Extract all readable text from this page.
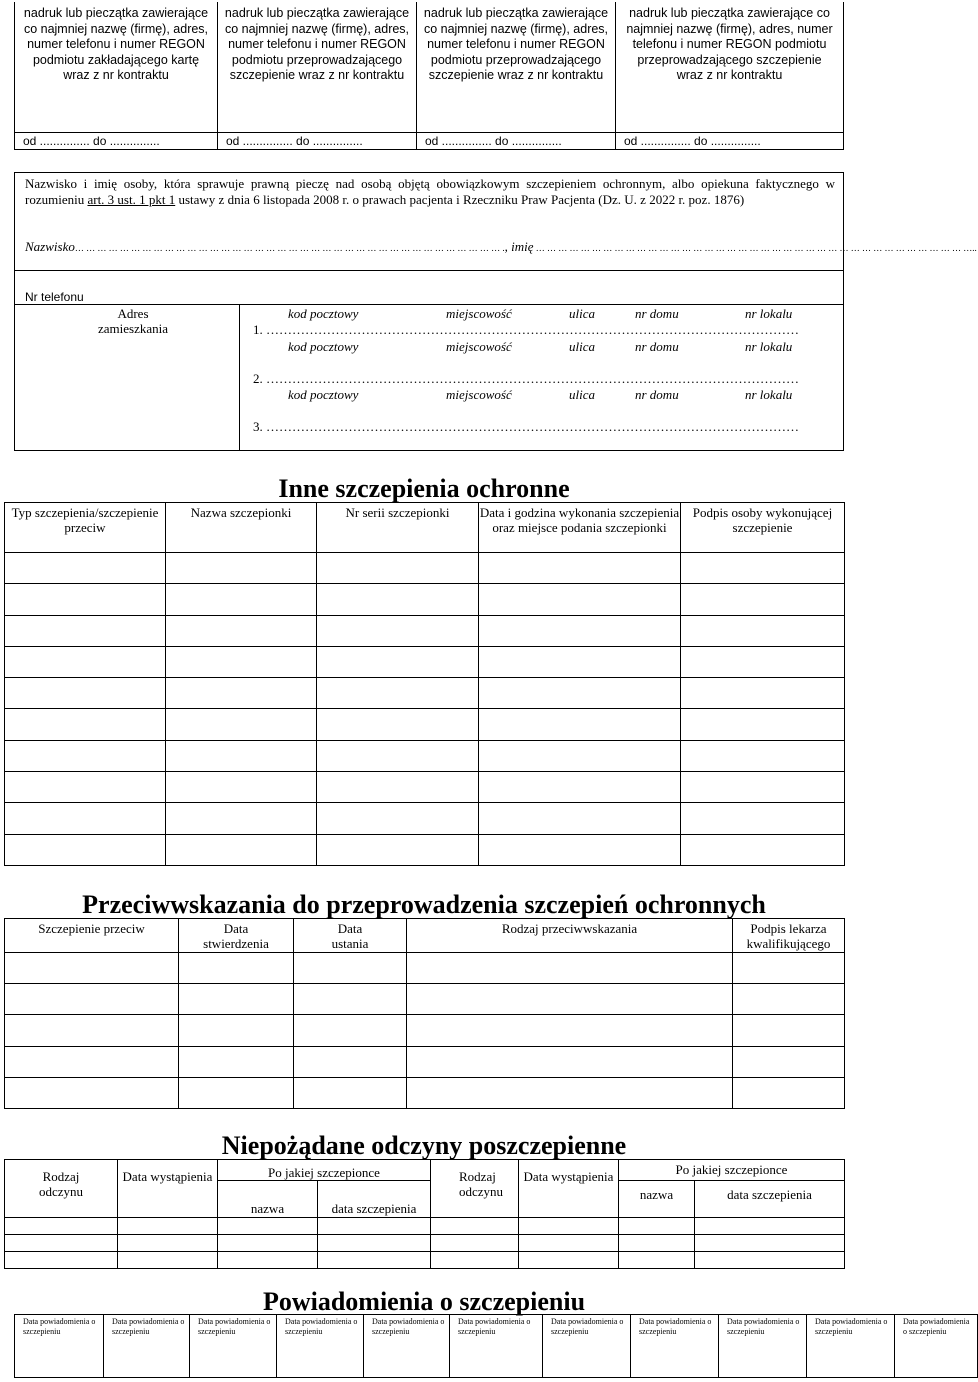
nadruk lub pieczątka zawierające co najmniej nazwę (firmę), adres, numer telefonu i numer REGON podmiotu zakładającego kartę wraz z nr kontraktu	nadruk lub pieczątka zawierające co najmniej nazwę (firmę), adres, numer telefonu i numer REGON podmiotu przeprowadzającego szczepienie wraz z nr kontraktu	nadruk lub pieczątka zawierające co najmniej nazwę (firmę), adres, numer telefonu i numer REGON podmiotu przeprowadzającego szczepienie wraz z nr kontraktu	nadruk lub pieczątka zawierające co najmniej nazwę (firmę), adres, numer telefonu i numer REGON podmiotu przeprowadzającego szczepienie wraz z nr kontraktu

od ............... do ...............	od ............... do ...............	od ............... do ...............	od ............... do ...............
Nazwisko i imię osoby, która sprawuje prawną pieczę nad osobą objętą obowiązkowym szczepieniem ochronnym, albo opiekuna faktycznego w rozumieniu art. 3 ust. 1 pkt 1 ustawy z dnia 6 listopada 2008 r. o prawach pacjenta i Rzeczniku Praw Pacjenta (Dz. U. z 2022 r. poz. 1876)
Nazwisko… … … … … … … … … … … … … … … … … … … … … … … … … … … … … … … … … … … … … … ., imię … … … … … … … … … … … … … … … … … … … … … … … … … … … … … … … … … … … … … … …..
Nr telefonu
Adres zamieszkania
kod pocztowy	miejscowość	ulica	nr domu	nr lokalu
1. ……………………………………………………………………………………………………………
kod pocztowy	miejscowość	ulica	nr domu	nr lokalu
2. ……………………………………………………………………………………………………………
kod pocztowy	miejscowość	ulica	nr domu	nr lokalu
3. ……………………………………………………………………………………………………………
Inne szczepienia ochronne
Typ szczepienia/szczepienie przeciw	Nazwa szczepionki	Nr serii szczepionki	Data i godzina wykonania szczepienia oraz miejsce podania szczepionki	Podpis osoby wykonującej szczepienie

Przeciwwskazania do przeprowadzenia szczepień ochronnych
Szczepienie przeciw	Data stwierdzenia	Data ustania	Rodzaj przeciwwskazania	Podpis lekarza kwalifikującego

Niepożądane odczyny poszczepienne
Rodzaj odczynu	Data wystąpienia	Po jakiej szczepionce		Rodzaj odczynu	Data wystąpienia	Po jakiej szczepionce	
		nazwa	data szczepienia			nazwa	data szczepienia

Powiadomienia o szczepieniu
Data powiadomienia o szczepieniu	Data powiadomienia o szczepieniu	Data powiadomienia o szczepieniu	Data powiadomienia o szczepieniu	Data powiadomienia o szczepieniu	Data powiadomienia o szczepieniu	Data powiadomienia o szczepieniu	Data powiadomienia o szczepieniu	Data powiadomienia o szczepieniu	Data powiadomienia o szczepieniu	Data powiadomienia o szczepieniu
